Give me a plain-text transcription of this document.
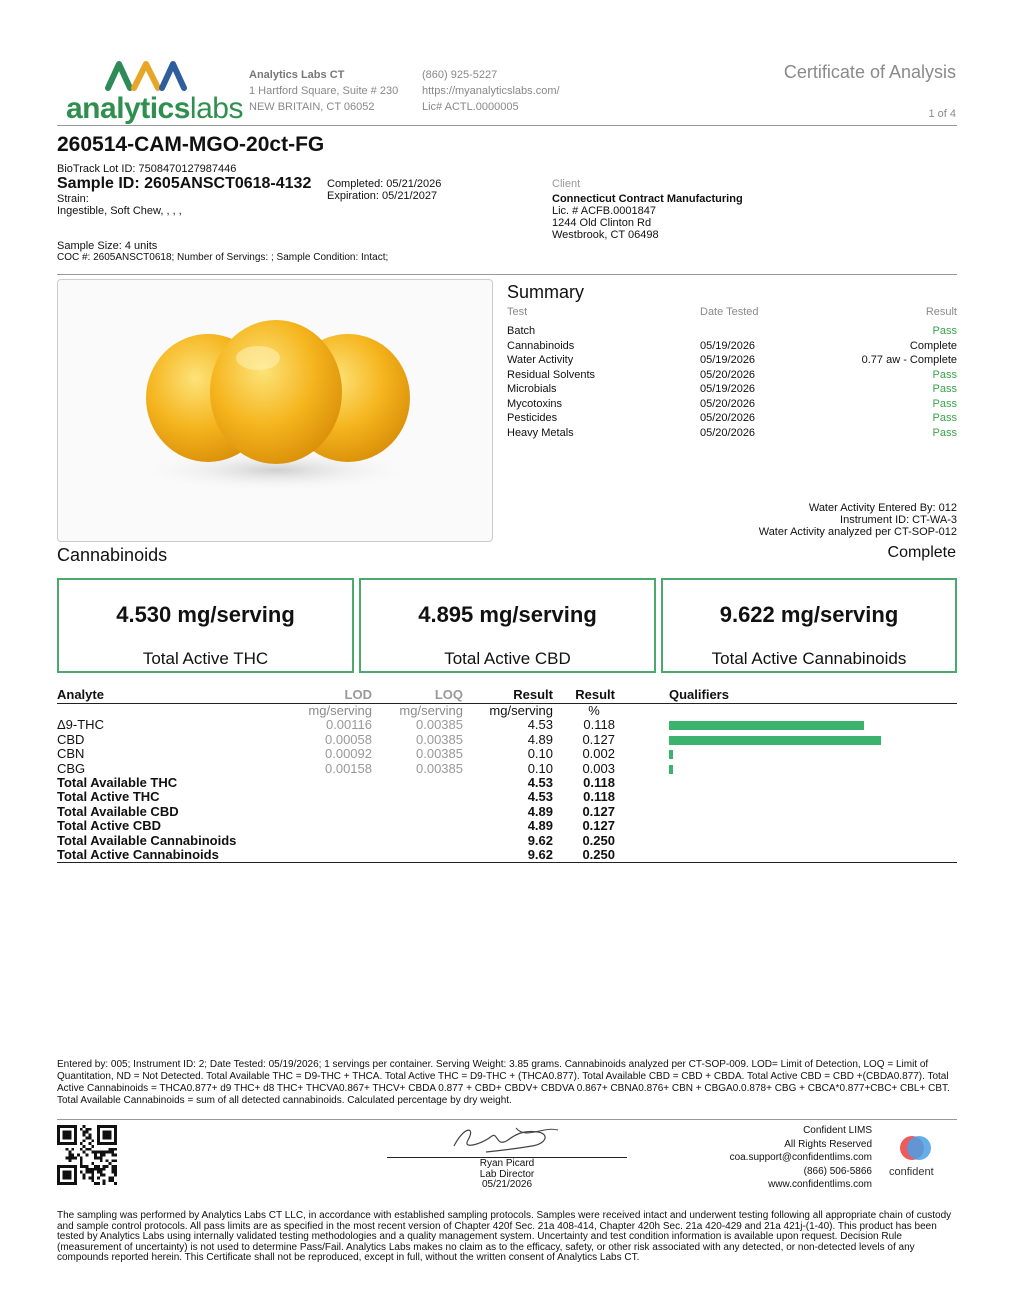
analyticslabs
Analytics Labs CT
1 Hartford Square, Suite # 230
NEW BRITAIN, CT 06052
(860) 925-5227
https://myanalyticslabs.com/
Lic# ACTL.0000005
Certificate of Analysis
1 of 4
260514-CAM-MGO-20ct-FG
BioTrack Lot ID: 7508470127987446
Sample ID: 2605ANSCT0618-4132
Strain:
Ingestible, Soft Chew, , , ,
Completed: 05/21/2026
Expiration: 05/21/2027
Client
Connecticut Contract Manufacturing
Lic. # ACFB.0001847
1244 Old Clinton Rd
Westbrook, CT 06498
Sample Size: 4 units
COC #: 2605ANSCT0618; Number of Servings: ; Sample Condition: Intact;
Summary
Test	Date Tested	Result
Batch		Pass
Cannabinoids	05/19/2026	Complete
Water Activity	05/19/2026	0.77 aw - Complete
Residual Solvents	05/20/2026	Pass
Microbials	05/19/2026	Pass
Mycotoxins	05/20/2026	Pass
Pesticides	05/20/2026	Pass
Heavy Metals	05/20/2026	Pass
Water Activity Entered By: 012
Instrument ID: CT-WA-3
Water Activity analyzed per CT-SOP-012
Cannabinoids	Complete
4.530 mg/serving
Total Active THC
4.895 mg/serving
Total Active CBD
9.622 mg/serving
Total Active Cannabinoids
Analyte	LOD	LOQ	Result	Result	Qualifiers
	mg/serving	mg/serving	mg/serving	%	
Δ9-THC	0.00116	0.00385	4.53	0.118	
CBD	0.00058	0.00385	4.89	0.127	
CBN	0.00092	0.00385	0.10	0.002	
CBG	0.00158	0.00385	0.10	0.003	
Total Available THC			4.53	0.118	
Total Active THC			4.53	0.118	
Total Available CBD			4.89	0.127	
Total Active CBD			4.89	0.127	
Total Available Cannabinoids			9.62	0.250	
Total Active Cannabinoids			9.62	0.250	
Entered by: 005; Instrument ID: 2; Date Tested: 05/19/2026; 1 servings per container. Serving Weight: 3.85 grams. Cannabinoids analyzed per CT-SOP-009. LOD= Limit of Detection, LOQ = Limit of Quantitation, ND = Not Detected. Total Available THC = D9-THC + THCA. Total Active THC = D9-THC + (THCA0.877). Total Available CBD = CBD + CBDA. Total Active CBD = CBD +(CBDA0.877). Total Active Cannabinoids = THCA0.877+ d9 THC+ d8 THC+ THCVA0.867+ THCV+ CBDA 0.877 + CBD+ CBDV+ CBDVA 0.867+ CBNA0.876+ CBN + CBGA0.0.878+ CBG + CBCA*0.877+CBC+ CBL+ CBT. Total Available Cannabinoids = sum of all detected cannabinoids. Calculated percentage by dry weight.
Ryan Picard
Lab Director
05/21/2026
Confident LIMS
All Rights Reserved
coa.support@confidentlims.com
(866) 506-5866
www.confidentlims.com
confident
The sampling was performed by Analytics Labs CT LLC, in accordance with established sampling protocols. Samples were received intact and underwent testing following all appropriate chain of custody and sample control protocols. All pass limits are as specified in the most recent version of Chapter 420f Sec. 21a 408-414, Chapter 420h Sec. 21a 420-429 and 21a 421j-(1-40). This product has been tested by Analytics Labs using internally validated testing methodologies and a quality management system. Uncertainty and test condition information is available upon request. Decision Rule (measurement of uncertainty) is not used to determine Pass/Fail. Analytics Labs makes no claim as to the efficacy, safety, or other risk associated with any detected, or non-detected levels of any compounds reported herein. This Certificate shall not be reproduced, except in full, without the written consent of Analytics Labs CT.
